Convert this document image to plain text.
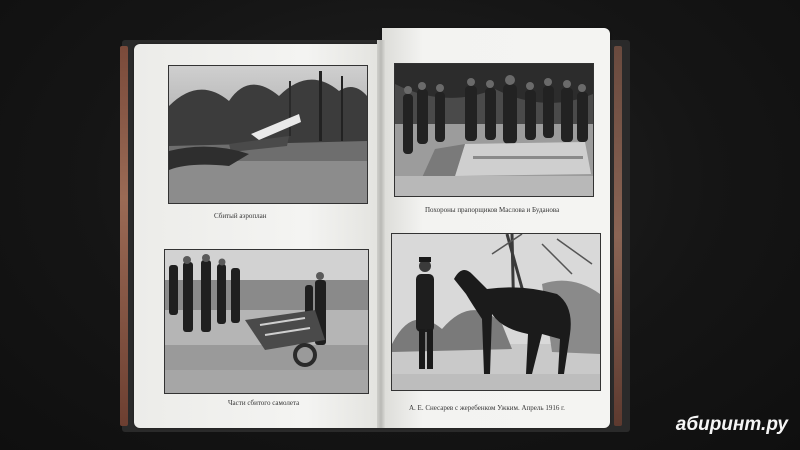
Сбитый аэроплан
Похороны прапорщиков Маслова и Буданова
Части сбитого самолета
А. Е. Снесарев с жеребенком Ужким. Апрель 1916 г.
абиринт.ру
